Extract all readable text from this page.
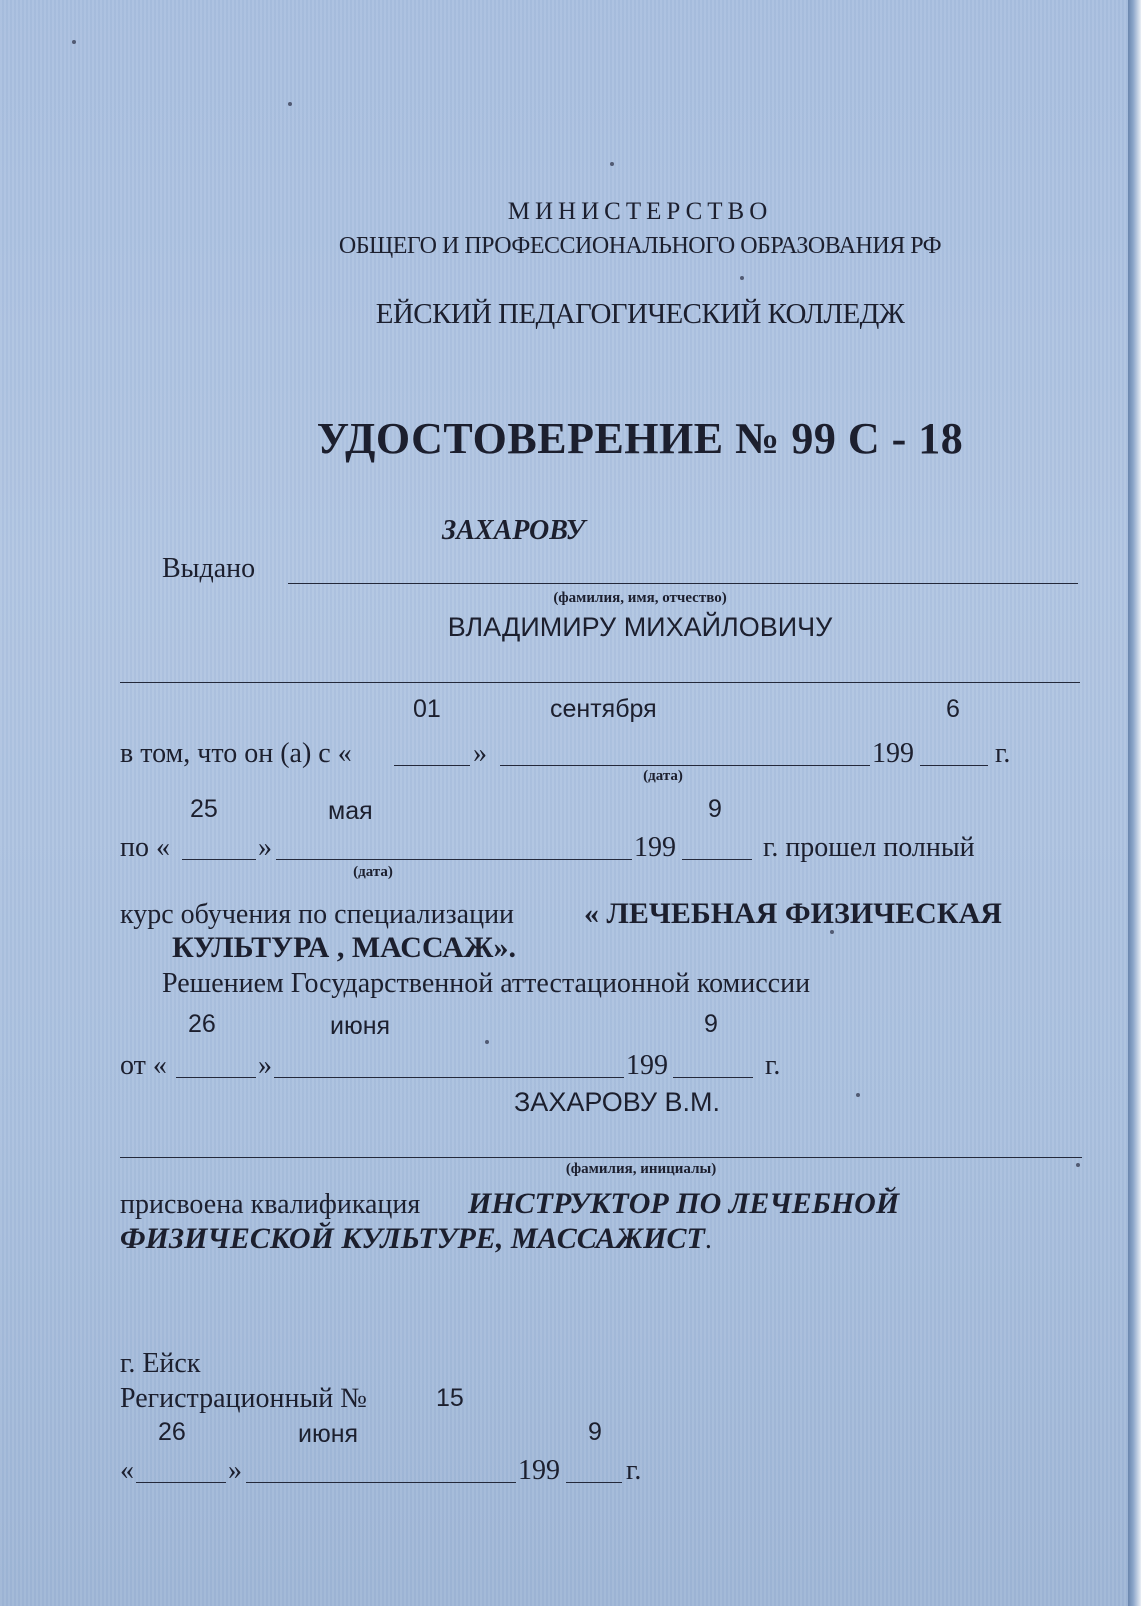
МИНИСТЕРСТВО
ОБЩЕГО И ПРОФЕССИОНАЛЬНОГО ОБРАЗОВАНИЯ РФ
ЕЙСКИЙ ПЕДАГОГИЧЕСКИЙ КОЛЛЕДЖ
УДОСТОВЕРЕНИЕ № 99 С - 18
ЗАХАРОВУ
Выдано
(фамилия, имя, отчество)
ВЛАДИМИРУ МИХАЙЛОВИЧУ
01	сентября	6
в том, что он (а) с «	»	199	г.
(дата)
25	мая	9
по «	»	199	г. прошел полный
(дата)
курс обучения по специализации « ЛЕЧЕБНАЯ ФИЗИЧЕСКАЯ
КУЛЬТУРА , МАССАЖ».
Решением Государственной аттестационной комиссии
26	июня	9
от «	»	199	г.
ЗАХАРОВУ В.М.
(фамилия, инициалы)
присвоена квалификация ИНСТРУКТОР ПО ЛЕЧЕБНОЙ
ФИЗИЧЕСКОЙ КУЛЬТУРЕ, МАССАЖИСТ.
г. Ейск
Регистрационный №	15
26	июня	9
«	»	199 г.
